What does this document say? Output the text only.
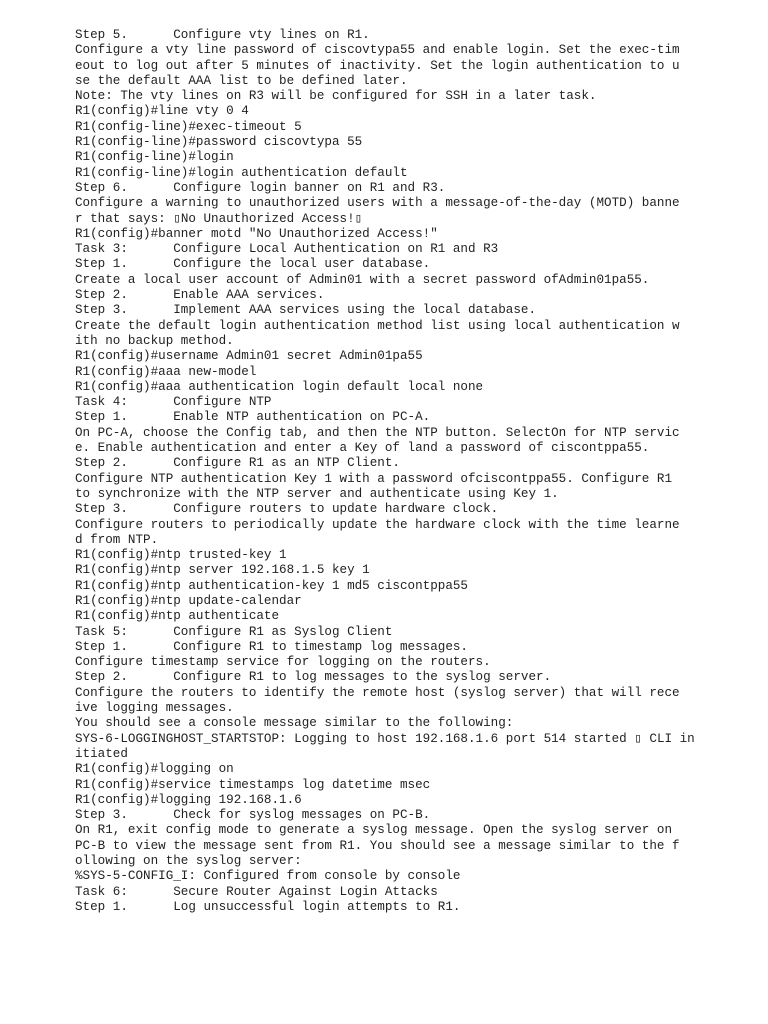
Step 5.      Configure vty lines on R1.
Configure a vty line password of ciscovtypa55 and enable login. Set the exec-tim
eout to log out after 5 minutes of inactivity. Set the login authentication to u
se the default AAA list to be defined later.
Note: The vty lines on R3 will be configured for SSH in a later task.
R1(config)#line vty 0 4
R1(config-line)#exec-timeout 5
R1(config-line)#password ciscovtypa 55
R1(config-line)#login
R1(config-line)#login authentication default
Step 6.      Configure login banner on R1 and R3.
Configure a warning to unauthorized users with a message-of-the-day (MOTD) banne
r that says: ▯No Unauthorized Access!▯
R1(config)#banner motd "No Unauthorized Access!"
Task 3:      Configure Local Authentication on R1 and R3
Step 1.      Configure the local user database.
Create a local user account of Admin01 with a secret password ofAdmin01pa55.
Step 2.      Enable AAA services.
Step 3.      Implement AAA services using the local database.
Create the default login authentication method list using local authentication w
ith no backup method.
R1(config)#username Admin01 secret Admin01pa55
R1(config)#aaa new-model
R1(config)#aaa authentication login default local none
Task 4:      Configure NTP
Step 1.      Enable NTP authentication on PC-A.
On PC-A, choose the Config tab, and then the NTP button. SelectOn for NTP servic
e. Enable authentication and enter a Key of land a password of ciscontppa55.
Step 2.      Configure R1 as an NTP Client.
Configure NTP authentication Key 1 with a password ofciscontppa55. Configure R1
to synchronize with the NTP server and authenticate using Key 1.
Step 3.      Configure routers to update hardware clock.
Configure routers to periodically update the hardware clock with the time learne
d from NTP.
R1(config)#ntp trusted-key 1
R1(config)#ntp server 192.168.1.5 key 1
R1(config)#ntp authentication-key 1 md5 ciscontppa55
R1(config)#ntp update-calendar
R1(config)#ntp authenticate
Task 5:      Configure R1 as Syslog Client
Step 1.      Configure R1 to timestamp log messages.
Configure timestamp service for logging on the routers.
Step 2.      Configure R1 to log messages to the syslog server.
Configure the routers to identify the remote host (syslog server) that will rece
ive logging messages.
You should see a console message similar to the following:
SYS-6-LOGGINGHOST_STARTSTOP: Logging to host 192.168.1.6 port 514 started ▯ CLI in
itiated
R1(config)#logging on
R1(config)#service timestamps log datetime msec
R1(config)#logging 192.168.1.6
Step 3.      Check for syslog messages on PC-B.
On R1, exit config mode to generate a syslog message. Open the syslog server on
PC-B to view the message sent from R1. You should see a message similar to the f
ollowing on the syslog server:
%SYS-5-CONFIG_I: Configured from console by console
Task 6:      Secure Router Against Login Attacks
Step 1.      Log unsuccessful login attempts to R1.
